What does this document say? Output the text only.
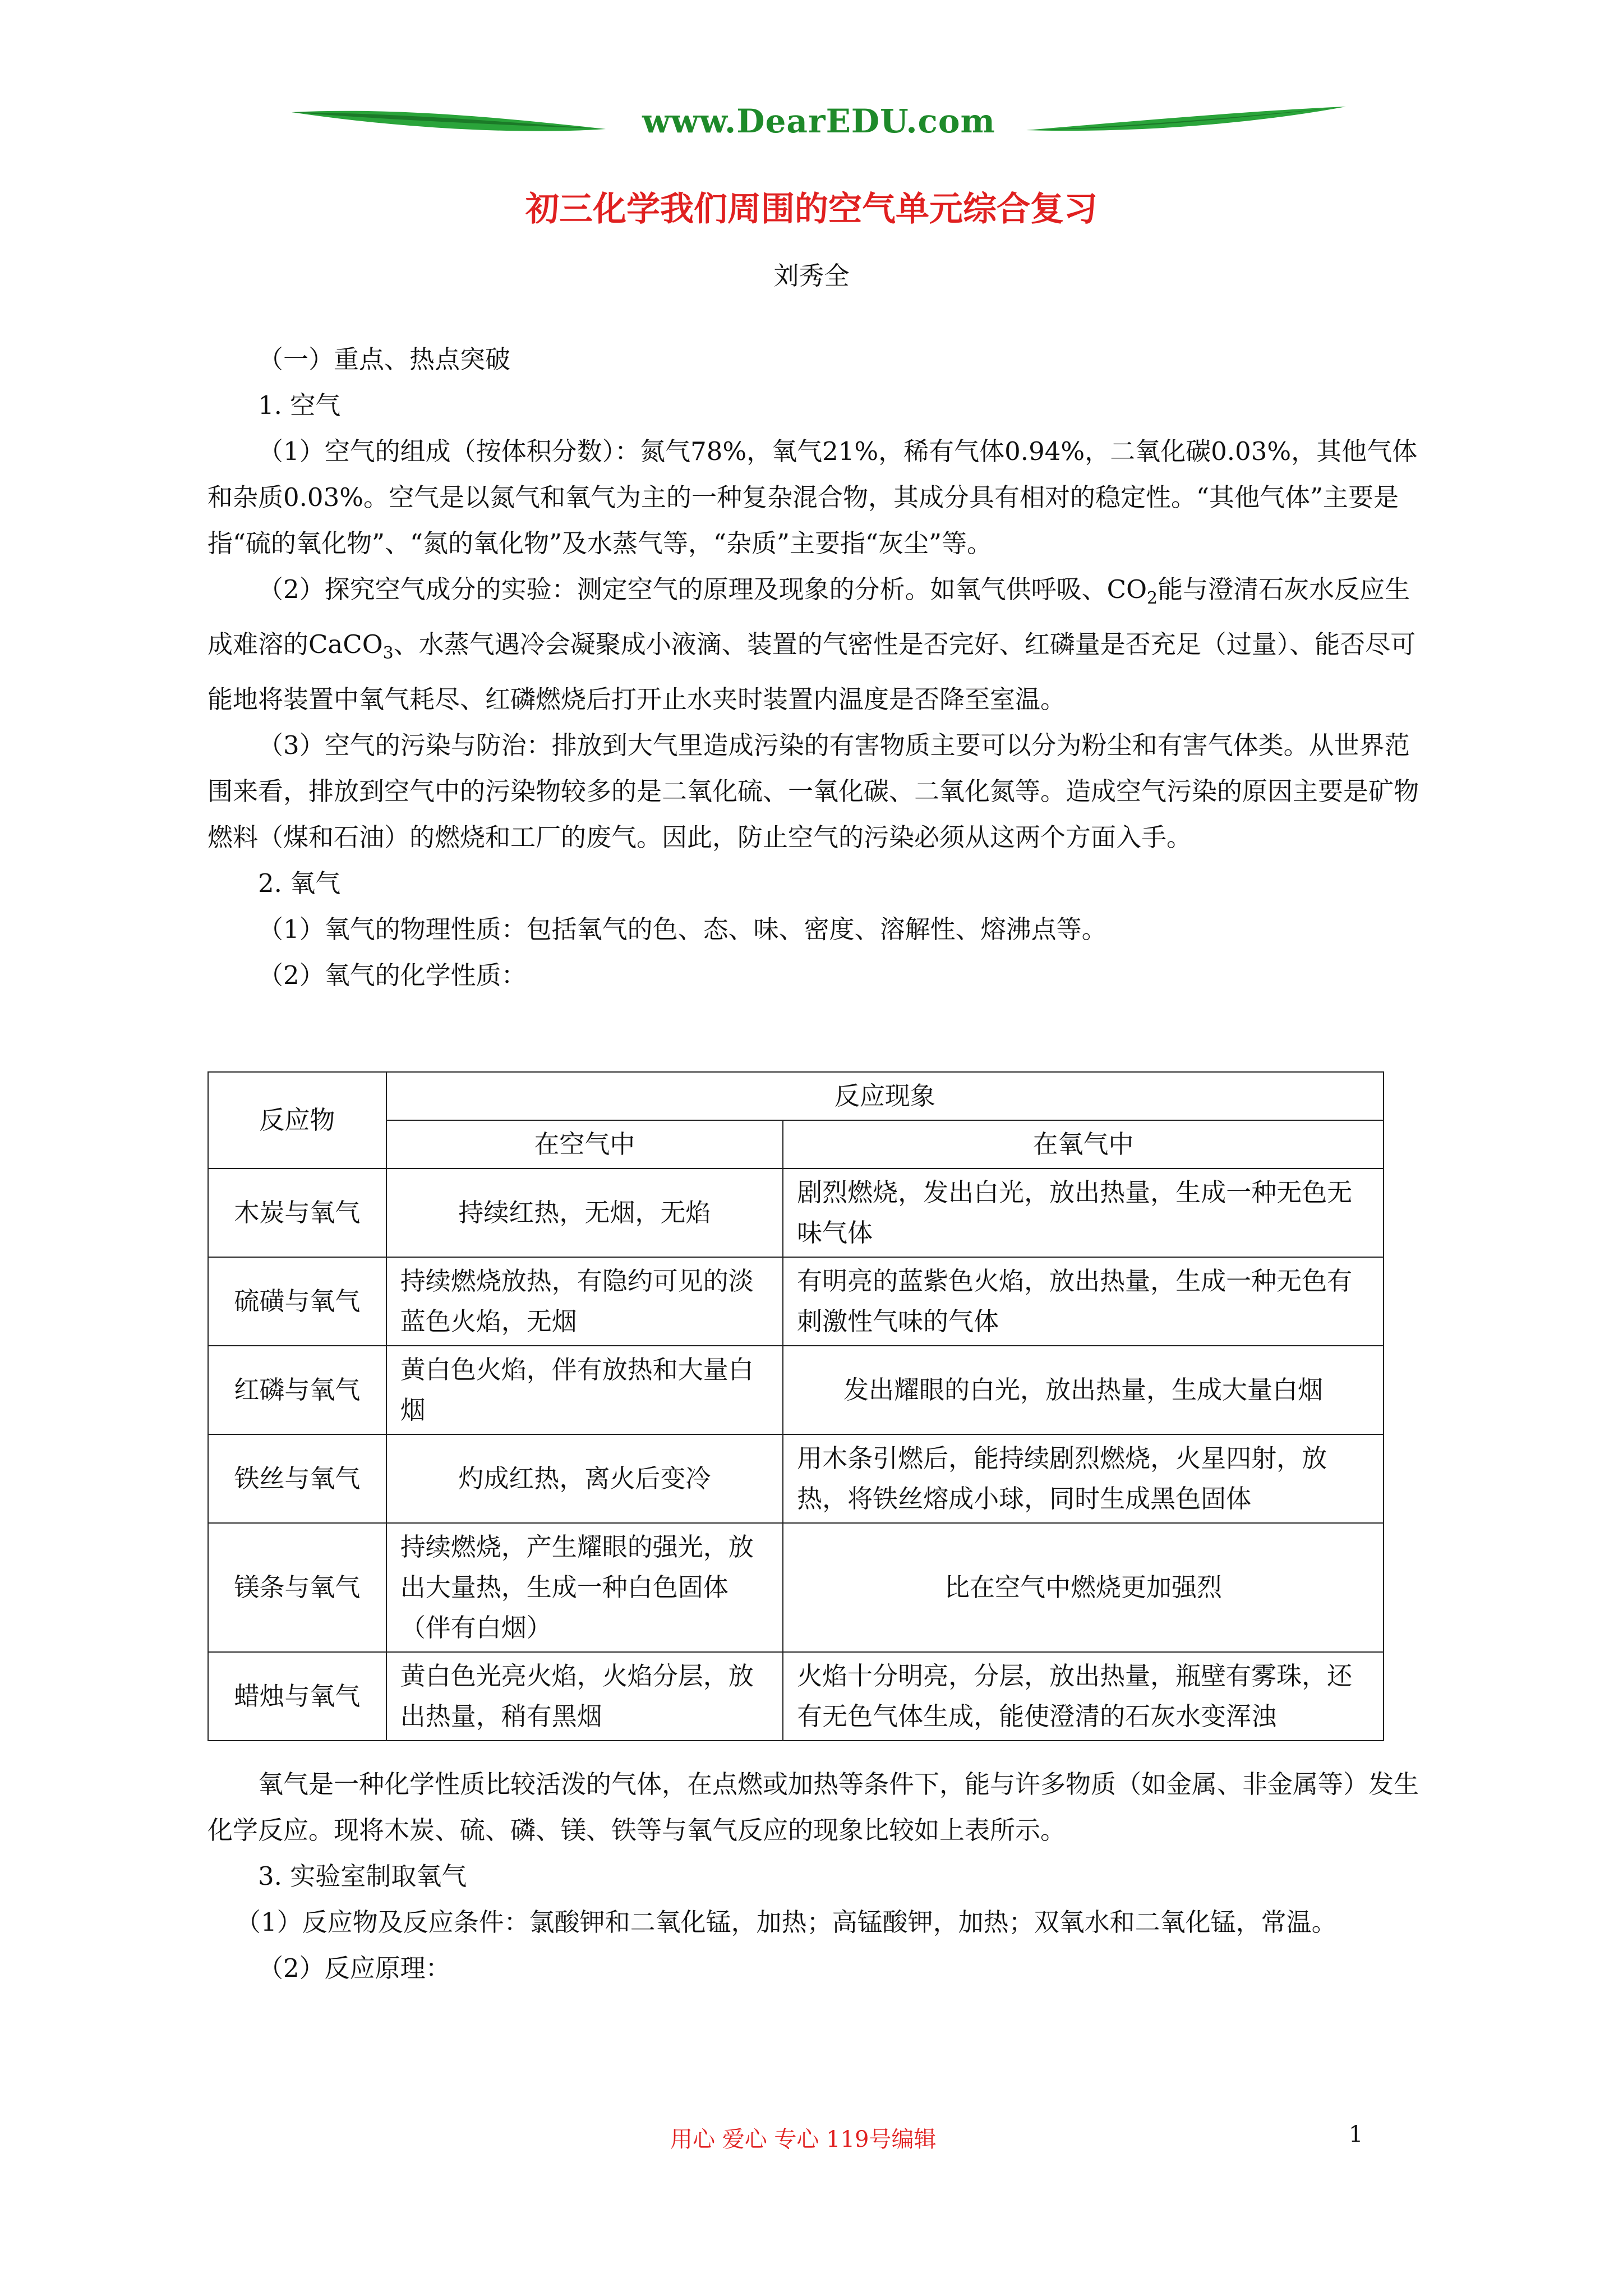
www.DearEDU.com
初三化学我们周围的空气单元综合复习
刘秀全

（一）重点、热点突破

1. 空气

（1）空气的组成（按体积分数）：氮气78%，氧气21%，稀有气体0.94%，二氧化碳0.03%，其他气体和杂质0.03%。空气是以氮气和氧气为主的一种复杂混合物，其成分具有相对的稳定性。“其他气体”主要是指“硫的氧化物”、“氮的氧化物”及水蒸气等，“杂质”主要指“灰尘”等。

（2）探究空气成分的实验：测定空气的原理及现象的分析。如氧气供呼吸、$CO_2$能与澄清石灰水反应生成难溶的CaCO$_3$、水蒸气遇冷会凝聚成小液滴、装置的气密性是否完好、红磷量是否充足（过量）、能否尽可能地将装置中氧气耗尽、红磷燃烧后打开止水夹时装置内温度是否降至室温。

（3）空气的污染与防治：排放到大气里造成污染的有害物质主要可以分为粉尘和有害气体类。从世界范围来看，排放到空气中的污染物较多的是二氧化硫、一氧化碳、二氧化氮等。造成空气污染的原因主要是矿物燃料（煤和石油）的燃烧和工厂的废气。因此，防止空气的污染必须从这两个方面入手。

2. 氧气

（1）氧气的物理性质：包括氧气的色、态、味、密度、溶解性、熔沸点等。

（2）氧气的化学性质：

反应物	反应现象	
	在空气中	在氧气中
木炭与氧气	持续红热，无烟，无焰	剧烈燃烧，发出白光，放出热量，生成一种无色无味气体
硫磺与氧气	持续燃烧放热，有隐约可见的淡蓝色火焰，无烟	有明亮的蓝紫色火焰，放出热量，生成一种无色有刺激性气味的气体
红磷与氧气	黄白色火焰，伴有放热和大量白烟	发出耀眼的白光，放出热量，生成大量白烟
铁丝与氧气	灼成红热，离火后变冷	用木条引燃后，能持续剧烈燃烧，火星四射，放热，将铁丝熔成小球，同时生成黑色固体
镁条与氧气	持续燃烧，产生耀眼的强光，放出大量热，生成一种白色固体（伴有白烟）	比在空气中燃烧更加强烈
蜡烛与氧气	黄白色光亮火焰，火焰分层，放出热量，稍有黑烟	火焰十分明亮，分层，放出热量，瓶壁有雾珠，还有无色气体生成，能使澄清的石灰水变浑浊

氧气是一种化学性质比较活泼的气体，在点燃或加热等条件下，能与许多物质（如金属、非金属等）发生化学反应。现将木炭、硫、磷、镁、铁等与氧气反应的现象比较如上表所示。

3. 实验室制取氧气

（1）反应物及反应条件：氯酸钾和二氧化锰，加热；高锰酸钾，加热；双氧水和二氧化锰，常温。

（2）反应原理：

用心 爱心 专心 119号编辑	1
